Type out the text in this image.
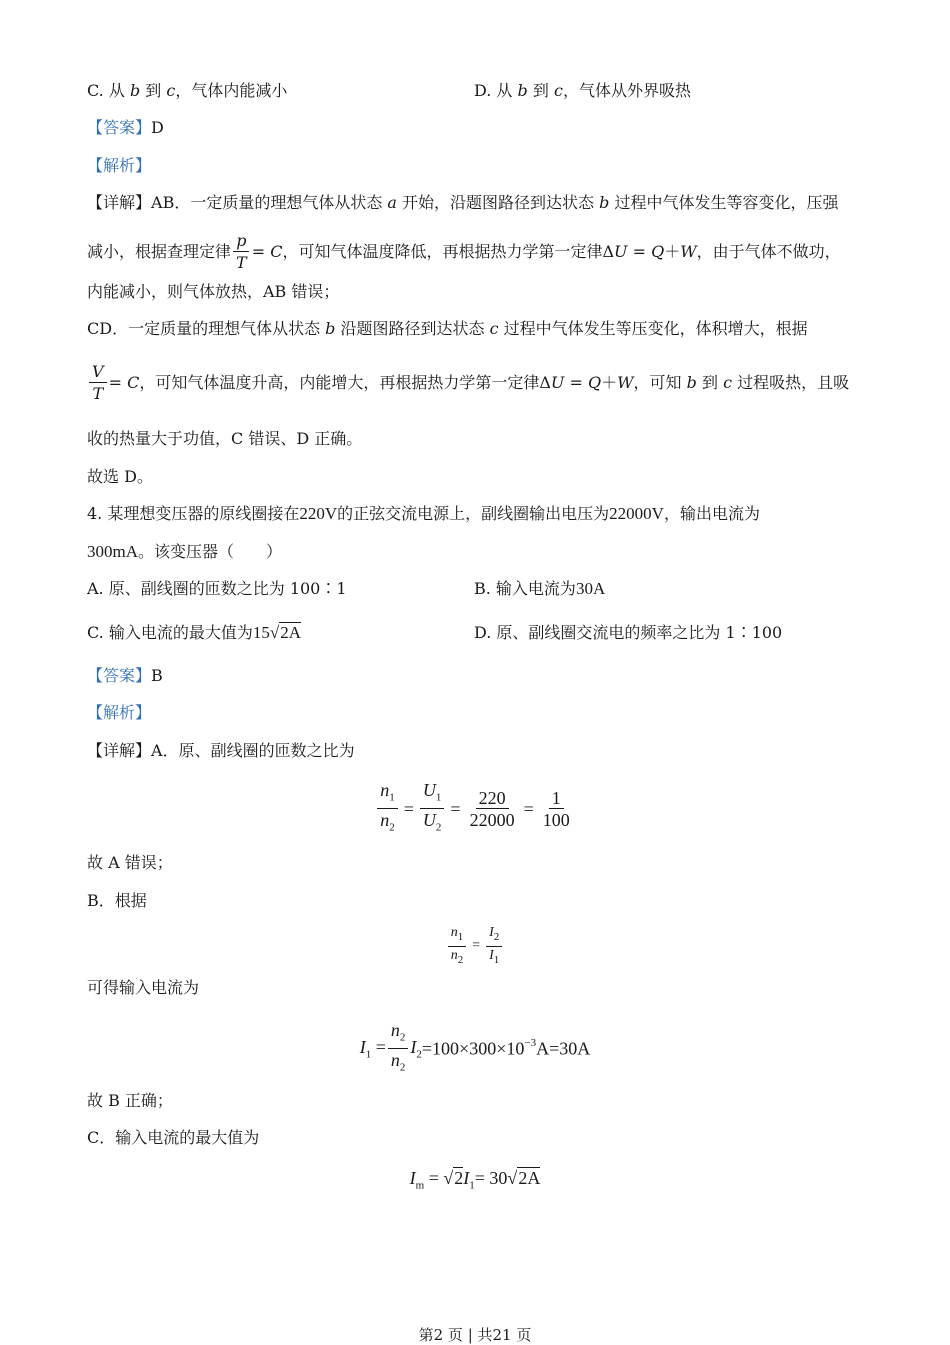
C. 从 b 到 c，气体内能减小	D. 从 b 到 c，气体从外界吸热
【答案】D
【解析】
【详解】AB．一定质量的理想气体从状态 a 开始，沿题图路径到达状态 b 过程中气体发生等容变化，压强
减小，根据查理定律 $\frac{p}{T} = C$，可知气体温度降低，再根据热力学第一定律ΔU = Q＋W，由于气体不做功，
内能减小，则气体放热，AB 错误；
CD．一定质量的理想气体从状态 b 沿题图路径到达状态 c 过程中气体发生等压变化，体积增大，根据
$\frac{V}{T} = C$，可知气体温度升高，内能增大，再根据热力学第一定律ΔU = Q＋W，可知 b 到 c 过程吸热，且吸
收的热量大于功值，C 错误、D 正确。
故选 D。
4. 某理想变压器的原线圈接在220V的正弦交流电源上，副线圈输出电压为22000V，输出电流为
300mA。该变压器（　　）
A. 原、副线圈的匝数之比为 100∶1	B. 输入电流为30A
C. 输入电流的最大值为15√2A	D. 原、副线圈交流电的频率之比为 1∶100
【答案】B
【解析】
【详解】A．原、副线圈的匝数之比为
$\frac{n_1}{n_2} = \frac{U_1}{U_2} = \frac{220}{22000} = \frac{1}{100}$
故 A 错误；
B．根据
$\frac{n_1}{n_2} = \frac{I_2}{I_1}$
可得输入电流为
$I_1 = \frac{n_2}{n_2} I_2=100\times 300\times 10^{-3}A=30A$
故 B 正确；
C．输入电流的最大值为
$I_m = √2I_1= 30√2A$
第2 页 | 共21 页
